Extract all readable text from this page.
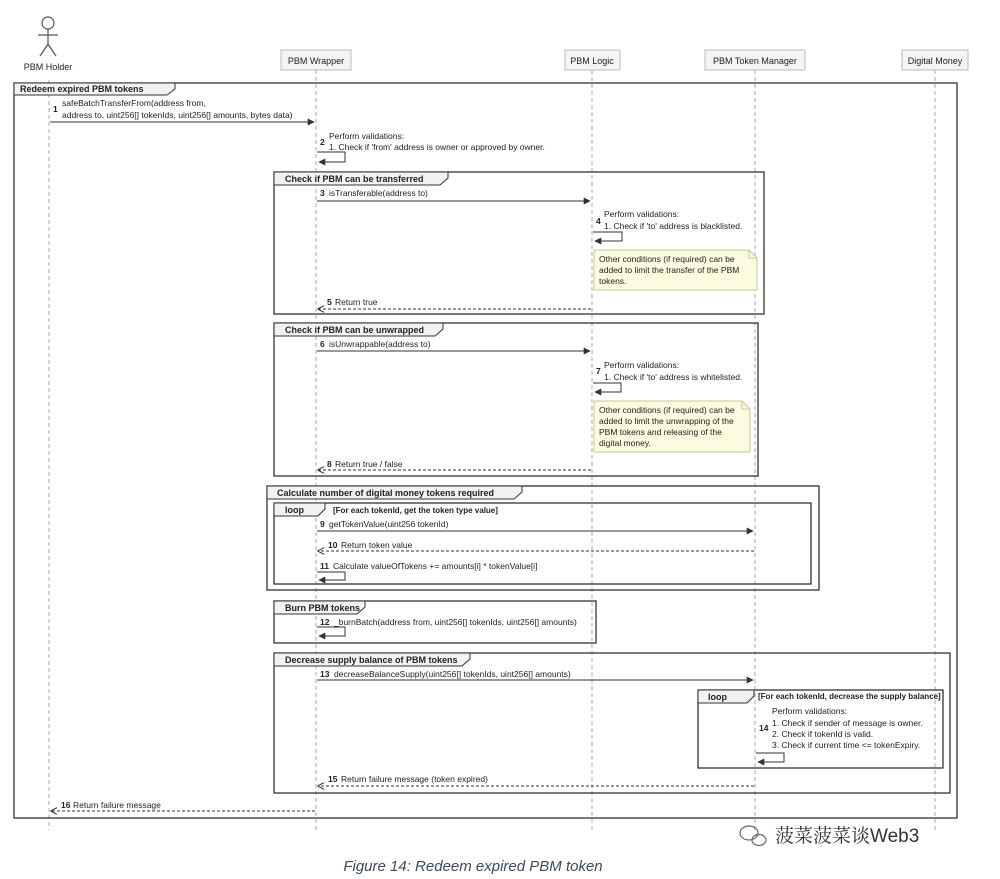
PBM Holder
PBM Wrapper	PBM Logic	PBM Token Manager	Digital Money
Redeem expired PBM tokens
Check if PBM can be transferred
Check if PBM can be unwrapped
Calculate number of digital money tokens required
loop	[For each tokenId, get the token type value]
Burn PBM tokens
Decrease supply balance of PBM tokens
loop	[For each tokenId, decrease the supply balance]
Other conditions (if required) can be
added to limit the transfer of the PBM
tokens.
Other conditions (if required) can be
added to limit the unwrapping of the
PBM tokens and releasing of the
digital money.
1
safeBatchTransferFrom(address from,
address to, uint256[] tokenIds, uint256[] amounts, bytes data)
2
Perform validations:
1. Check if 'from' address is owner or approved by owner.
3 isTransferable(address to)
4
Perform validations:
1. Check if 'to' address is blacklisted.
5 Return true
6 isUnwrappable(address to)
7
Perform validations:
1. Check if 'to' address is whitelisted.
8 Return true / false
9 getTokenValue(uint256 tokenId)
10 Return token value
11 Calculate valueOfTokens += amounts[i] * tokenValue[i]
12 _burnBatch(address from, uint256[] tokenIds, uint256[] amounts)
13 decreaseBalanceSupply(uint256[] tokenIds, uint256[] amounts)
14
Perform validations:
1. Check if sender of message is owner.
2. Check if tokenId is valid.
3. Check if current time <= tokenExpiry.
15 Return failure message (token expired)
16 Return failure message
菠菜菠菜谈Web3
Figure 14: Redeem expired PBM token
